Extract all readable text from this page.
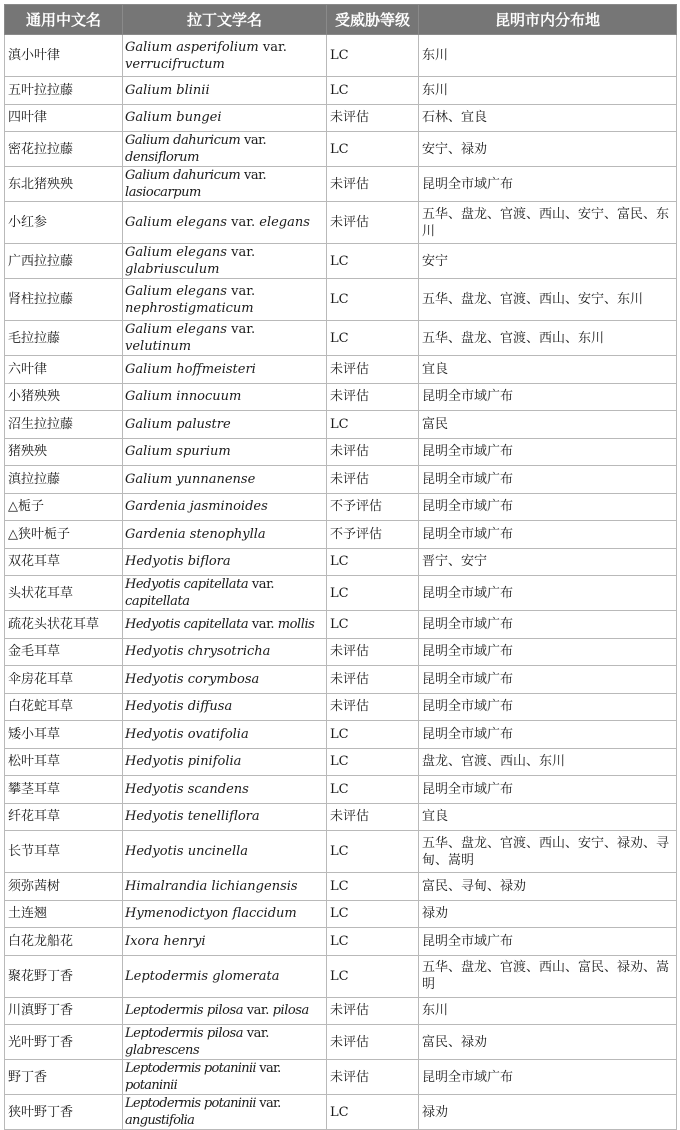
通用中文名	拉丁文学名	受威胁等级	昆明市内分布地
滇小叶律	Galium asperifolium var. verrucifructum	LC	东川
五叶拉拉藤	Galium blinii	LC	东川
四叶律	Galium bungei	未评估	石林、宜良
密花拉拉藤	Galium dahuricum var. densiflorum	LC	安宁、禄劝
东北猪殃殃	Galium dahuricum var. lasiocarpum	未评估	昆明全市域广布
小红参	Galium elegans var. elegans	未评估	五华、盘龙、官渡、西山、安宁、富民、东川
广西拉拉藤	Galium elegans var. glabriusculum	LC	安宁
肾柱拉拉藤	Galium elegans var. nephrostigmaticum	LC	五华、盘龙、官渡、西山、安宁、东川
毛拉拉藤	Galium elegans var. velutinum	LC	五华、盘龙、官渡、西山、东川
六叶律	Galium hoffmeisteri	未评估	宜良
小猪殃殃	Galium innocuum	未评估	昆明全市域广布
沼生拉拉藤	Galium palustre	LC	富民
猪殃殃	Galium spurium	未评估	昆明全市域广布
滇拉拉藤	Galium yunnanense	未评估	昆明全市域广布
△栀子	Gardenia jasminoides	不予评估	昆明全市域广布
△狭叶栀子	Gardenia stenophylla	不予评估	昆明全市域广布
双花耳草	Hedyotis biflora	LC	晋宁、安宁
头状花耳草	Hedyotis capitellata var. capitellata	LC	昆明全市域广布
疏花头状花耳草	Hedyotis capitellata var. mollis	LC	昆明全市域广布
金毛耳草	Hedyotis chrysotricha	未评估	昆明全市域广布
伞房花耳草	Hedyotis corymbosa	未评估	昆明全市域广布
白花蛇耳草	Hedyotis diffusa	未评估	昆明全市域广布
矮小耳草	Hedyotis ovatifolia	LC	昆明全市域广布
松叶耳草	Hedyotis pinifolia	LC	盘龙、官渡、西山、东川
攀茎耳草	Hedyotis scandens	LC	昆明全市域广布
纤花耳草	Hedyotis tenelliflora	未评估	宜良
长节耳草	Hedyotis uncinella	LC	五华、盘龙、官渡、西山、安宁、禄劝、寻甸、嵩明
须弥茜树	Himalrandia lichiangensis	LC	富民、寻甸、禄劝
土连翘	Hymenodictyon flaccidum	LC	禄劝
白花龙船花	Ixora henryi	LC	昆明全市域广布
聚花野丁香	Leptodermis glomerata	LC	五华、盘龙、官渡、西山、富民、禄劝、嵩明
川滇野丁香	Leptodermis pilosa var. pilosa	未评估	东川
光叶野丁香	Leptodermis pilosa var. glabrescens	未评估	富民、禄劝
野丁香	Leptodermis potaninii var. potaninii	未评估	昆明全市域广布
狭叶野丁香	Leptodermis potaninii var. angustifolia	LC	禄劝
